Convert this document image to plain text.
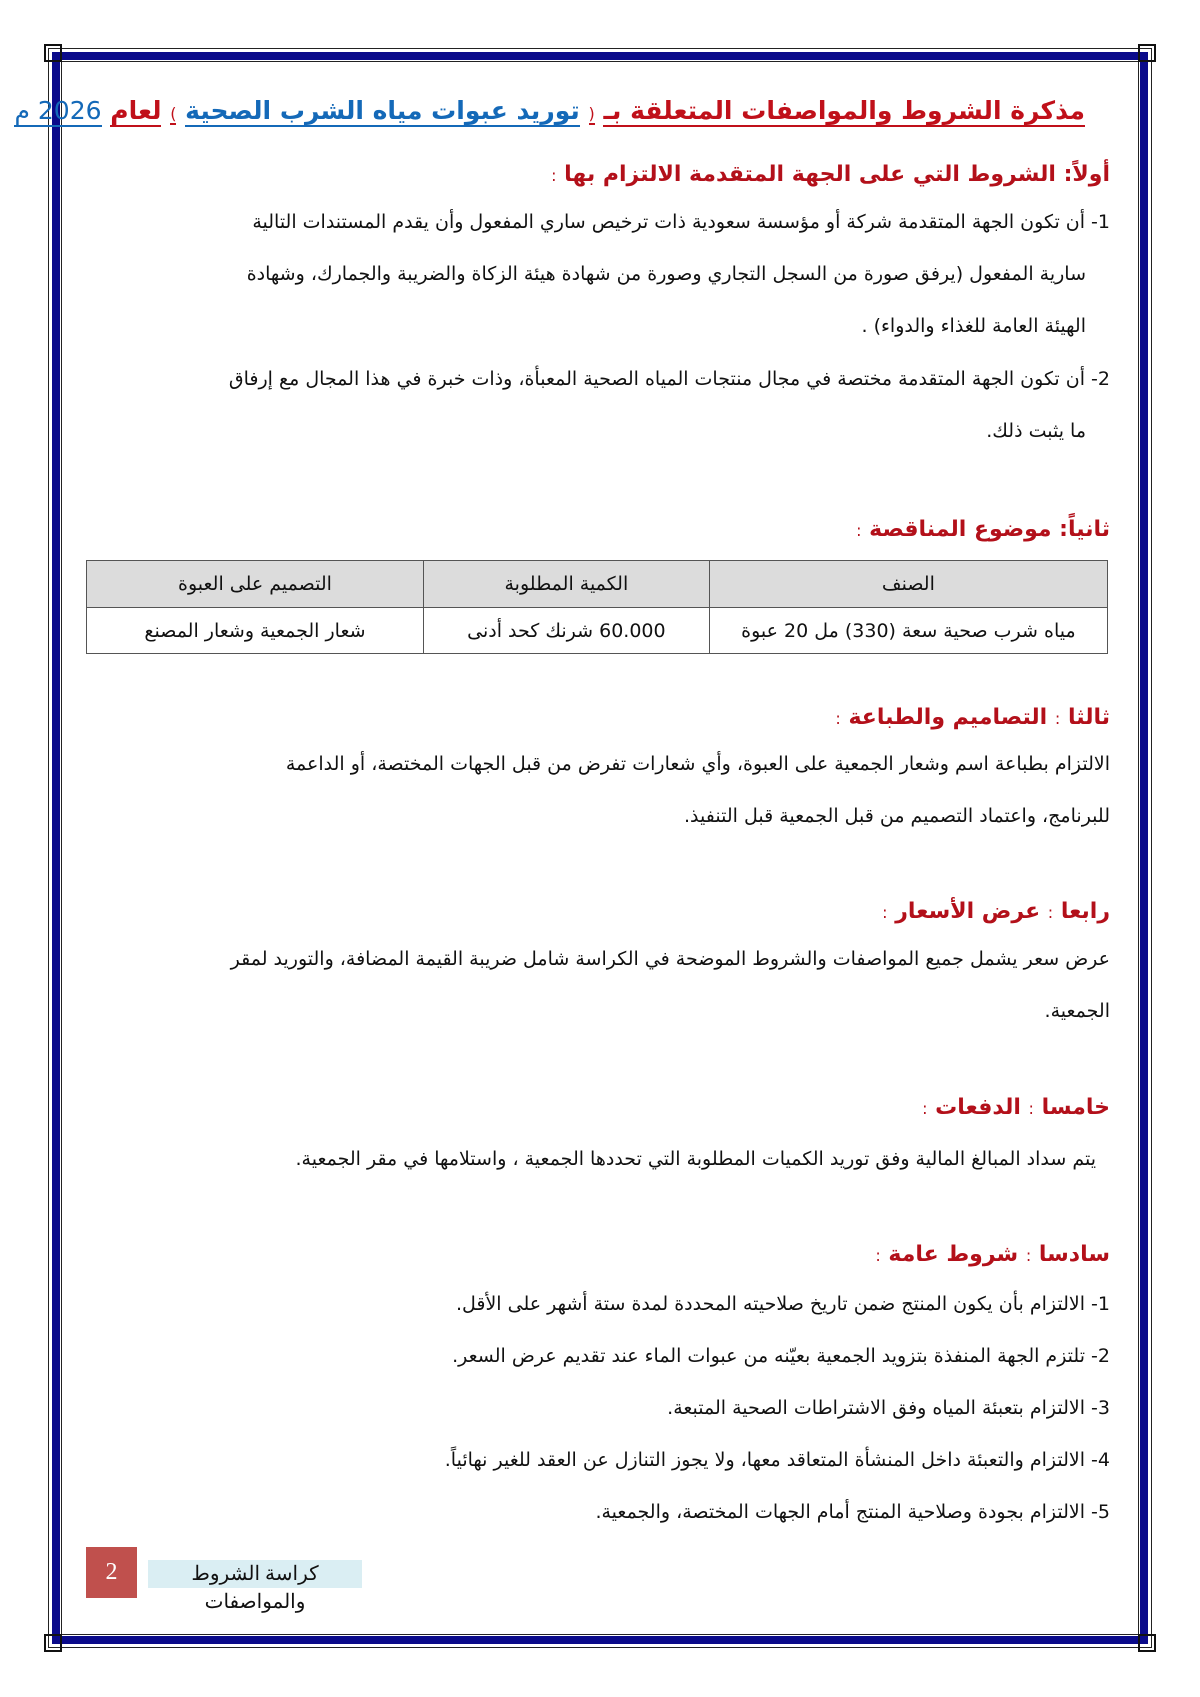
مذكرة الشروط والمواصفات المتعلقة بـ ( توريد عبوات مياه الشرب الصحية ) لعام 2026 م
أولاً: الشروط التي على الجهة المتقدمة الالتزام بها :
1- أن تكون الجهة المتقدمة شركة أو مؤسسة سعودية ذات ترخيص ساري المفعول وأن يقدم المستندات التالية
سارية المفعول (يرفق صورة من السجل التجاري وصورة من شهادة هيئة الزكاة والضريبة والجمارك، وشهادة
الهيئة العامة للغذاء والدواء) .
2- أن تكون الجهة المتقدمة مختصة في مجال منتجات المياه الصحية المعبأة، وذات خبرة في هذا المجال مع إرفاق
ما يثبت ذلك.
ثانياً: موضوع المناقصة :
الصنف	الكمية المطلوبة	التصميم على العبوة
مياه شرب صحية سعة (330) مل 20 عبوة	60.000 شرنك كحد أدنى	شعار الجمعية وشعار المصنع
ثالثا : التصاميم والطباعة :
الالتزام بطباعة اسم وشعار الجمعية على العبوة، وأي شعارات تفرض من قبل الجهات المختصة، أو الداعمة
للبرنامج، واعتماد التصميم من قبل الجمعية قبل التنفيذ.
رابعا : عرض الأسعار :
عرض سعر يشمل جميع المواصفات والشروط الموضحة في الكراسة شامل ضريبة القيمة المضافة، والتوريد لمقر
الجمعية.
خامسا : الدفعات :
يتم سداد المبالغ المالية وفق توريد الكميات المطلوبة التي تحددها الجمعية ، واستلامها في مقر الجمعية.
سادسا : شروط عامة :
1- الالتزام بأن يكون المنتج ضمن تاريخ صلاحيته المحددة لمدة ستة أشهر على الأقل.
2- تلتزم الجهة المنفذة بتزويد الجمعية بعيّنه من عبوات الماء عند تقديم عرض السعر.
3- الالتزام بتعبئة المياه وفق الاشتراطات الصحية المتبعة.
4- الالتزام والتعبئة داخل المنشأة المتعاقد معها، ولا يجوز التنازل عن العقد للغير نهائياً.
5- الالتزام بجودة وصلاحية المنتج أمام الجهات المختصة، والجمعية.
2	كراسة الشروط والمواصفات
